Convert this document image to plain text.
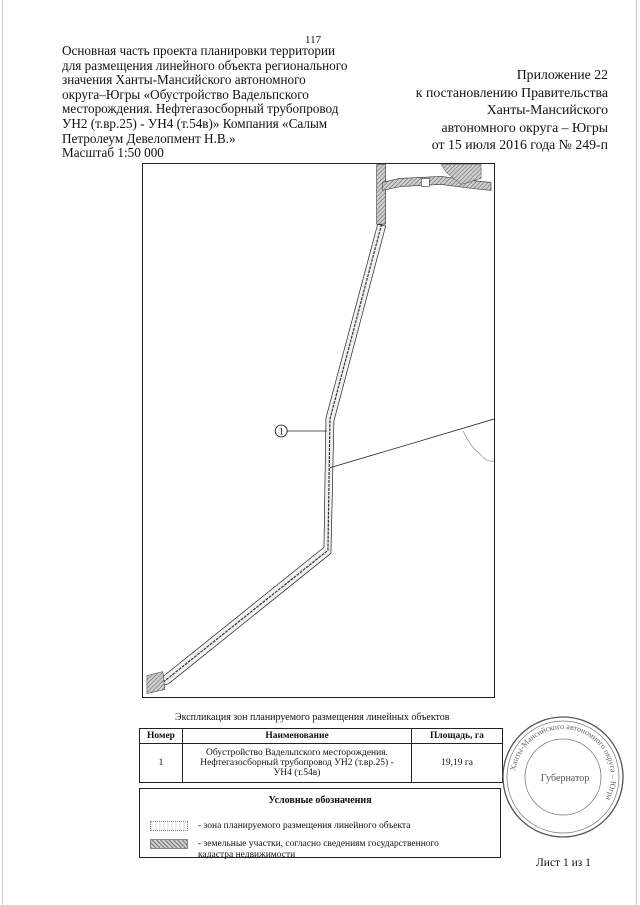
117
Основная часть проекта планировки территории
для размещения линейного объекта регионального
значения Ханты-Мансийского автономного
округа–Югры «Обустройство Вадельпского
месторождения. Нефтегазосборный трубопровод
УН2 (т.вр.25) - УН4 (т.54в)» Компания «Салым
Петролеум Девелопмент Н.В.»
Масштаб 1:50 000
Приложение 22
к постановлению Правительства
Ханты-Мансийского
автономного округа – Югры
от 15 июля 2016 года № 249-п
1
Экспликация зон планируемого размещения линейных объектов
Номер	Наименование	Площадь, га
1	Обустройство Вадельпского месторождения.
Нефтегазосборный трубопровод УН2 (т.вр.25) -
УН4 (т.54в)	19,19 га
Условные обозначения
- зона планируемого размещения линейного объекта
- земельные участки, согласно сведениям государственного
кадастра недвижимости
Ханты-Мансийского автономного округа – Югра
Губернатор
Лист 1 из 1
